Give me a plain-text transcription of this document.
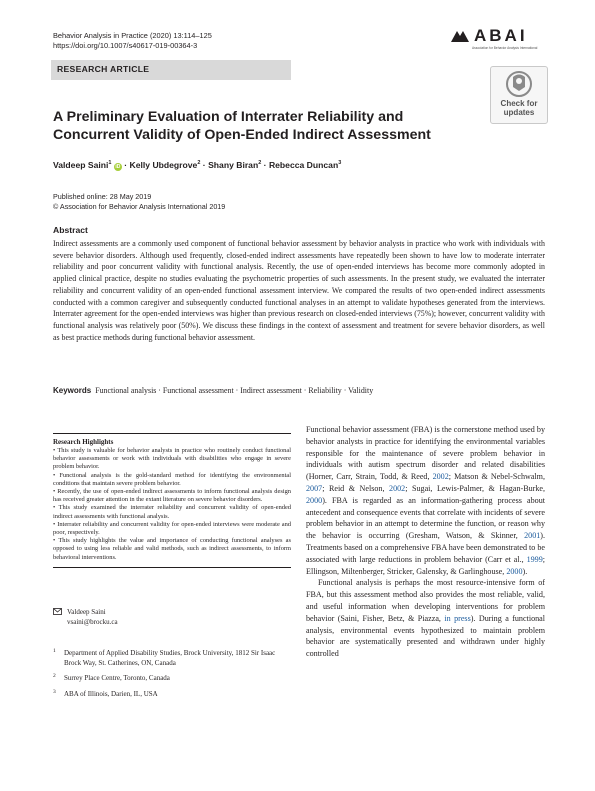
Behavior Analysis in Practice (2020) 13:114–125
https://doi.org/10.1007/s40617-019-00364-3
ABAI
Association for Behavior Analysis International
RESEARCH ARTICLE
Check for
updates
A Preliminary Evaluation of Interrater Reliability and Concurrent Validity of Open-Ended Indirect Assessment
Valdeep Saini$^1$ iD · Kelly Ubdegrove$^2$ · Shany Biran$^2$ · Rebecca Duncan$^3$
Published online: 28 May 2019
© Association for Behavior Analysis International 2019
Abstract
Indirect assessments are a commonly used component of functional behavior assessment by behavior analysts in practice who work with individuals with severe behavior disorders. Although used frequently, closed-ended indirect assessments have repeatedly been shown to have low to moderate interrater reliability and poor concurrent validity with functional analysis. Recently, the use of open-ended interviews has become more commonly adopted in applied clinical practice, despite no studies evaluating the psychometric properties of such assessments. In the present study, we evaluated the interrater reliability and concurrent validity of an open-ended functional assessment interview. We compared the results of two open-ended indirect assessments conducted with a common caregiver and subsequently conducted functional analyses in an attempt to validate hypotheses generated from the interviews. Interrater agreement for the open-ended interviews was higher than previous research on closed-ended interviews (75%); however, concurrent validity with functional analysis was relatively poor (50%). We discuss these findings in the context of assessment and treatment for severe behavior disorders, as well as best practice methods during functional behavior assessment.
Keywords Functional analysis · Functional assessment · Indirect assessment · Reliability · Validity

Research Highlights

• This study is valuable for behavior analysts in practice who routinely conduct functional behavior assessments or work with individuals with disabilities who engage in severe problem behavior.

• Functional analysis is the gold-standard method for identifying the environmental conditions that maintain severe problem behavior.

• Recently, the use of open-ended indirect assessments to inform functional analysis design has received greater attention in the extant literature on severe behavior disorders.

• This study examined the interrater reliability and concurrent validity of open-ended indirect assessments with functional analysis.

• Interrater reliability and concurrent validity for open-ended interviews were moderate and poor, respectively.

• This study highlights the value and importance of conducting functional analyses as opposed to using less reliable and valid methods, such as indirect assessments, to inform behavioral interventions.

Valdeep Saini
vsaini@brocku.ca
1 Department of Applied Disability Studies, Brock University, 1812 Sir Isaac Brock Way, St. Catherines, ON, Canada
2 Surrey Place Centre, Toronto, Canada
3 ABA of Illinois, Darien, IL, USA

Functional behavior assessment (FBA) is the cornerstone method used by behavior analysts in practice for identifying the environmental variables responsible for the maintenance of severe problem behavior in individuals with autism spectrum disorder and related disabilities (Horner, Carr, Strain, Todd, & Reed, 2002; Matson & Nebel-Schwalm, 2007; Reid & Nelson, 2002; Sugai, Lewis-Palmer, & Hagan-Burke, 2000). FBA is regarded as an information-gathering process about antecedent and consequence events that correlate with incidents of severe problem behavior in an attempt to determine the function, or reason why the behavior is occurring (Gresham, Watson, & Skinner, 2001). Treatments based on a comprehensive FBA have been demonstrated to be associated with large reductions in problem behavior (Carr et al., 1999; Ellingson, Miltenberger, Stricker, Galensky, & Garlinghouse, 2000).

Functional analysis is perhaps the most resource-intensive form of FBA, but this assessment method also provides the most reliable, valid, and useful information when developing interventions for problem behavior (Saini, Fisher, Betz, & Piazza, in press). During a functional analysis, environmental events hypothesized to maintain problem behavior are systematically presented and withdrawn under highly controlled
